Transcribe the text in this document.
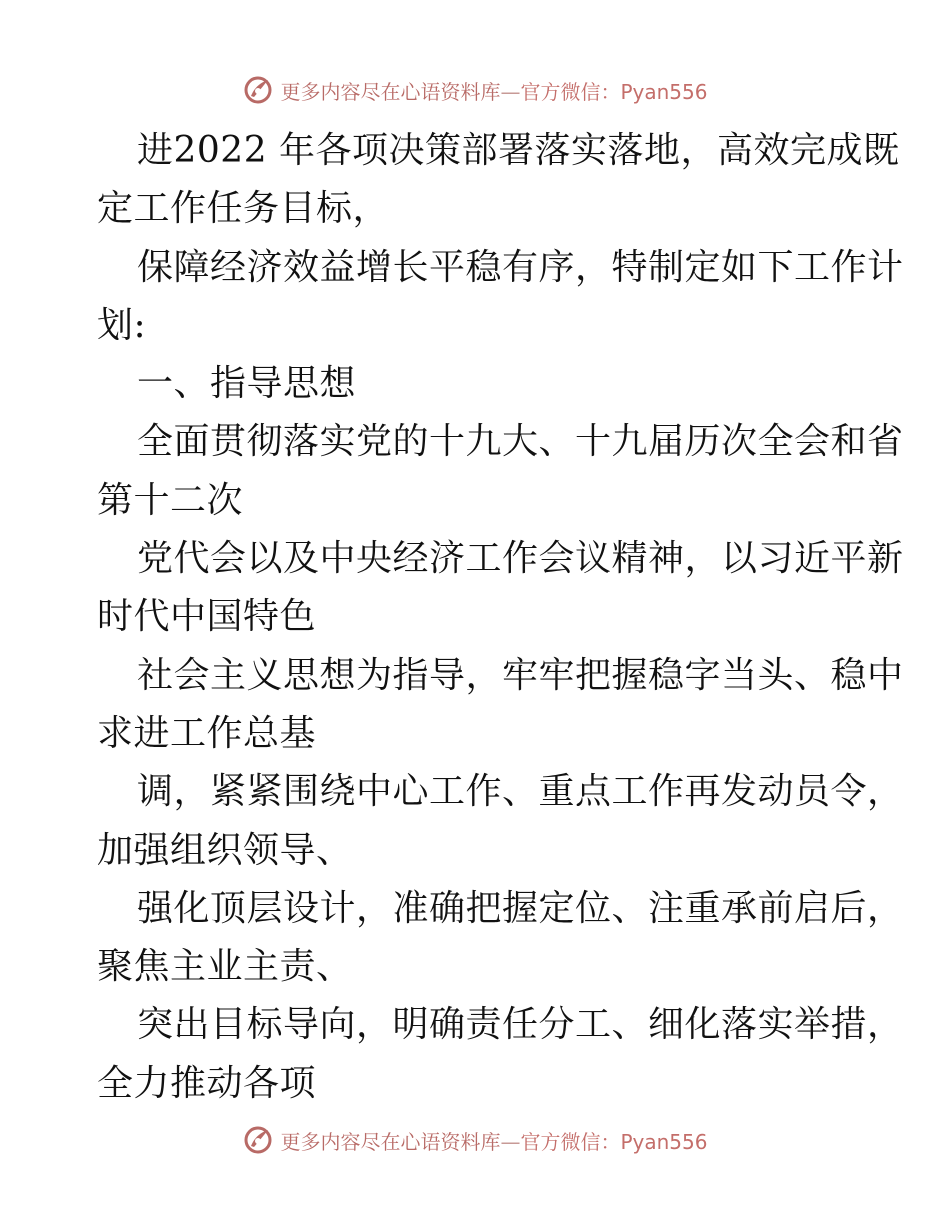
更多内容尽在心语资料库—官方微信：Pyan556
进2022 年各项决策部署落实落地，高效完成既
定工作任务目标，
保障经济效益增长平稳有序，特制定如下工作计
划:
一、指导思想
全面贯彻落实党的十九大、十九届历次全会和省
第十二次
党代会以及中央经济工作会议精神，以习近平新
时代中国特色
社会主义思想为指导，牢牢把握稳字当头、稳中
求进工作总基
调，紧紧围绕中心工作、重点工作再发动员令，
加强组织领导、
强化顶层设计，准确把握定位、注重承前启后，
聚焦主业主责、
突出目标导向，明确责任分工、细化落实举措，
全力推动各项
更多内容尽在心语资料库—官方微信：Pyan556
